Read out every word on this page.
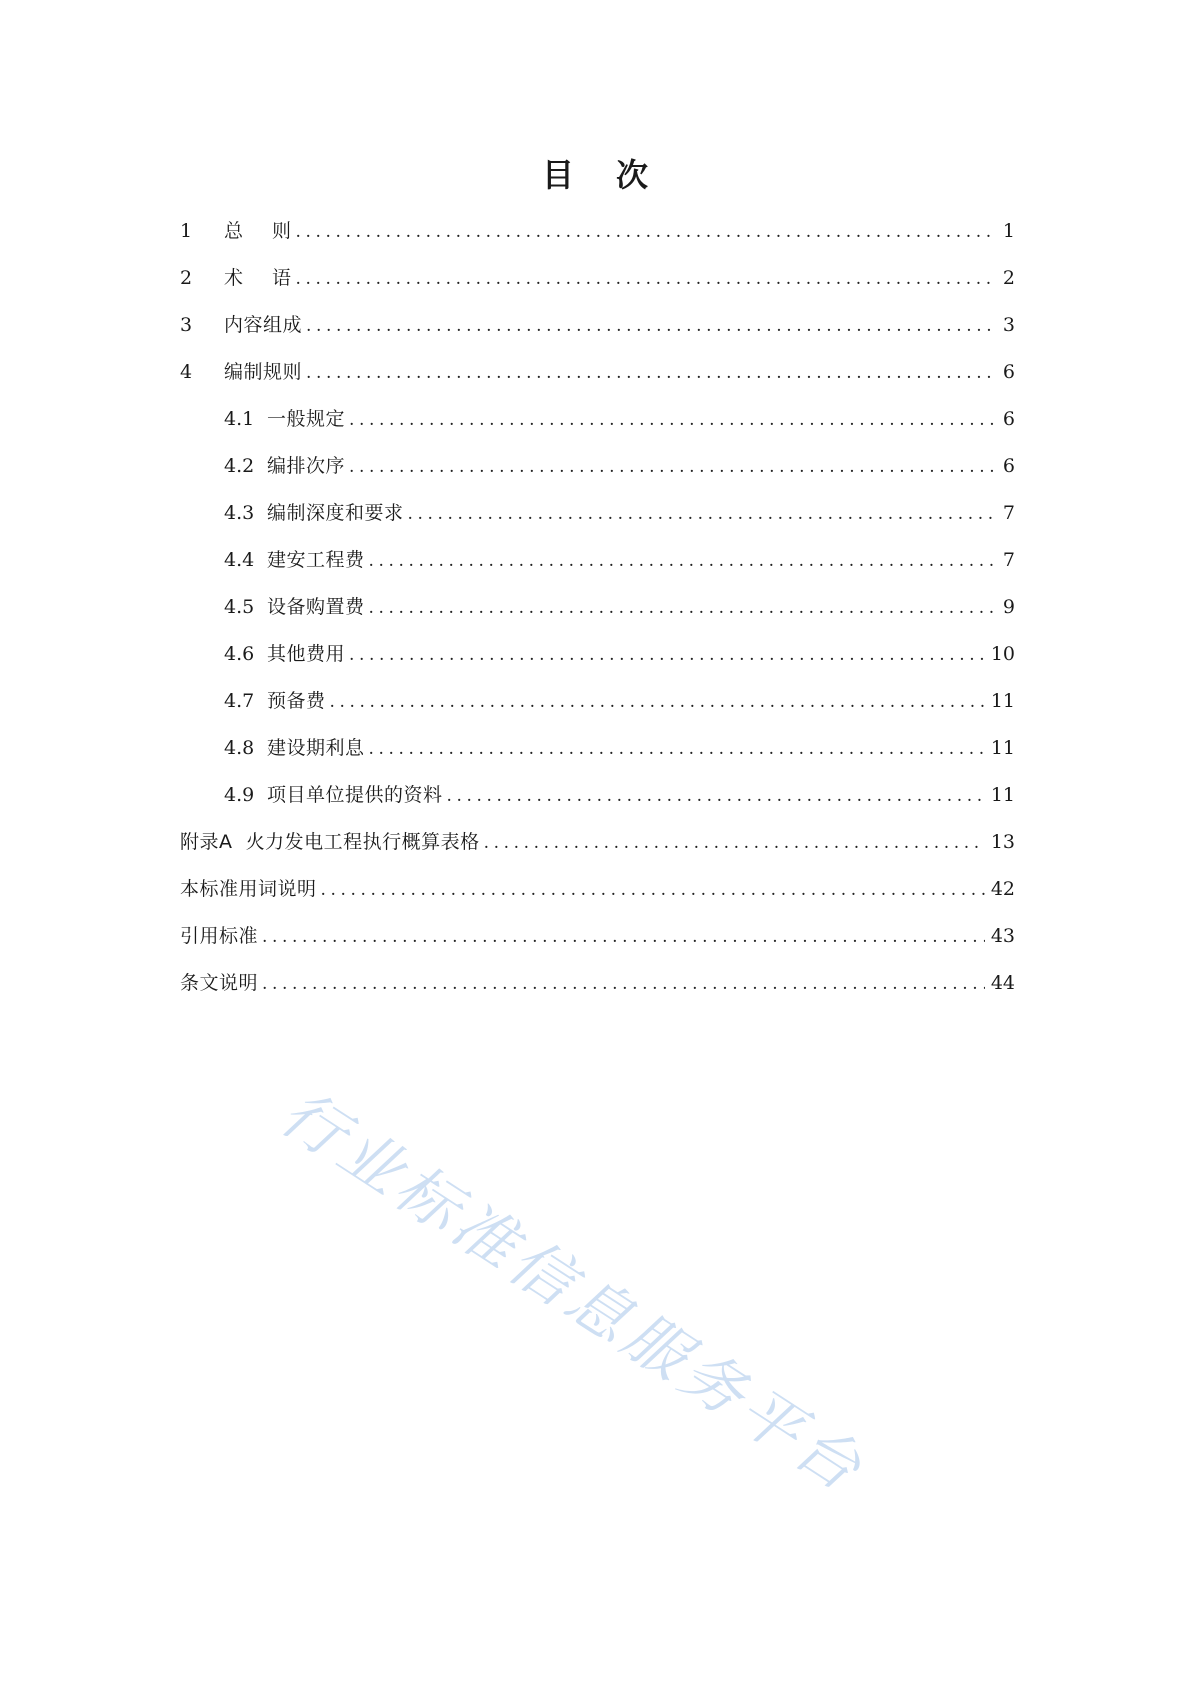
目 次
1	总 则 .....	1
2	术 语 .....	2
3	内容组成 .....	3
4	编制规则 .....	6
4.1 一般规定 .....	6
4.2 编排次序 .....	6
4.3 编制深度和要求 .....	7
4.4 建安工程费 .....	7
4.5 设备购置费 .....	9
4.6 其他费用 .....	10
4.7 预备费 .....	11
4.8 建设期利息 .....	11
4.9 项目单位提供的资料 .....	11
附录A  火力发电工程执行概算表格 .....	13
本标准用词说明 .....	42
引用标准 .....	43
条文说明 .....	44
行业标准信息服务平台
